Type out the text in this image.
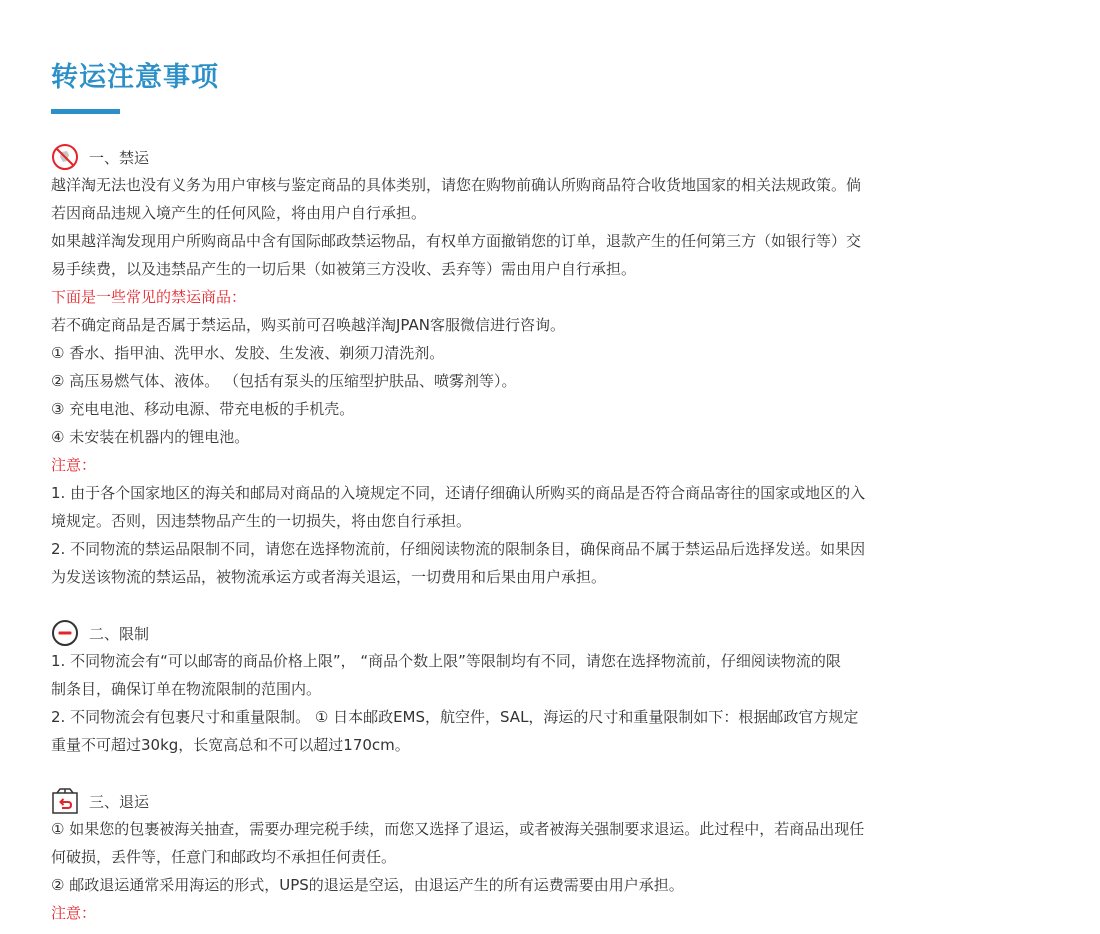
转运注意事项
一、禁运

越洋淘无法也没有义务为用户审核与鉴定商品的具体类别，请您在购物前确认所购商品符合收货地国家的相关法规政策。倘

若因商品违规入境产生的任何风险，将由用户自行承担。

如果越洋淘发现用户所购商品中含有国际邮政禁运物品，有权单方面撤销您的订单，退款产生的任何第三方（如银行等）交

易手续费，以及违禁品产生的一切后果（如被第三方没收、丢弃等）需由用户自行承担。

下面是一些常见的禁运商品：

若不确定商品是否属于禁运品，购买前可召唤越洋淘JPAN客服微信进行咨询。

① 香水、指甲油、洗甲水、发胶、生发液、剃须刀清洗剂。

② 高压易燃气体、液体。 （包括有泵头的压缩型护肤品、喷雾剂等）。

③ 充电电池、移动电源、带充电板的手机壳。

④ 未安装在机器内的锂电池。

注意：

1. 由于各个国家地区的海关和邮局对商品的入境规定不同，还请仔细确认所购买的商品是否符合商品寄往的国家或地区的入

境规定。否则，因违禁物品产生的一切损失，将由您自行承担。

2. 不同物流的禁运品限制不同，请您在选择物流前，仔细阅读物流的限制条目，确保商品不属于禁运品后选择发送。如果因

为发送该物流的禁运品，被物流承运方或者海关退运，一切费用和后果由用户承担。

二、限制

1. 不同物流会有“可以邮寄的商品价格上限”， “商品个数上限”等限制均有不同，请您在选择物流前，仔细阅读物流的限

制条目，确保订单在物流限制的范围内。

2. 不同物流会有包裹尺寸和重量限制。 ① 日本邮政EMS，航空件，SAL，海运的尺寸和重量限制如下：根据邮政官方规定

重量不可超过30kg，长宽高总和不可以超过170cm。

三、退运

① 如果您的包裹被海关抽查，需要办理完税手续，而您又选择了退运，或者被海关强制要求退运。此过程中，若商品出现任

何破损，丢件等，任意门和邮政均不承担任何责任。

② 邮政退运通常采用海运的形式，UPS的退运是空运，由退运产生的所有运费需要由用户承担。

注意：
